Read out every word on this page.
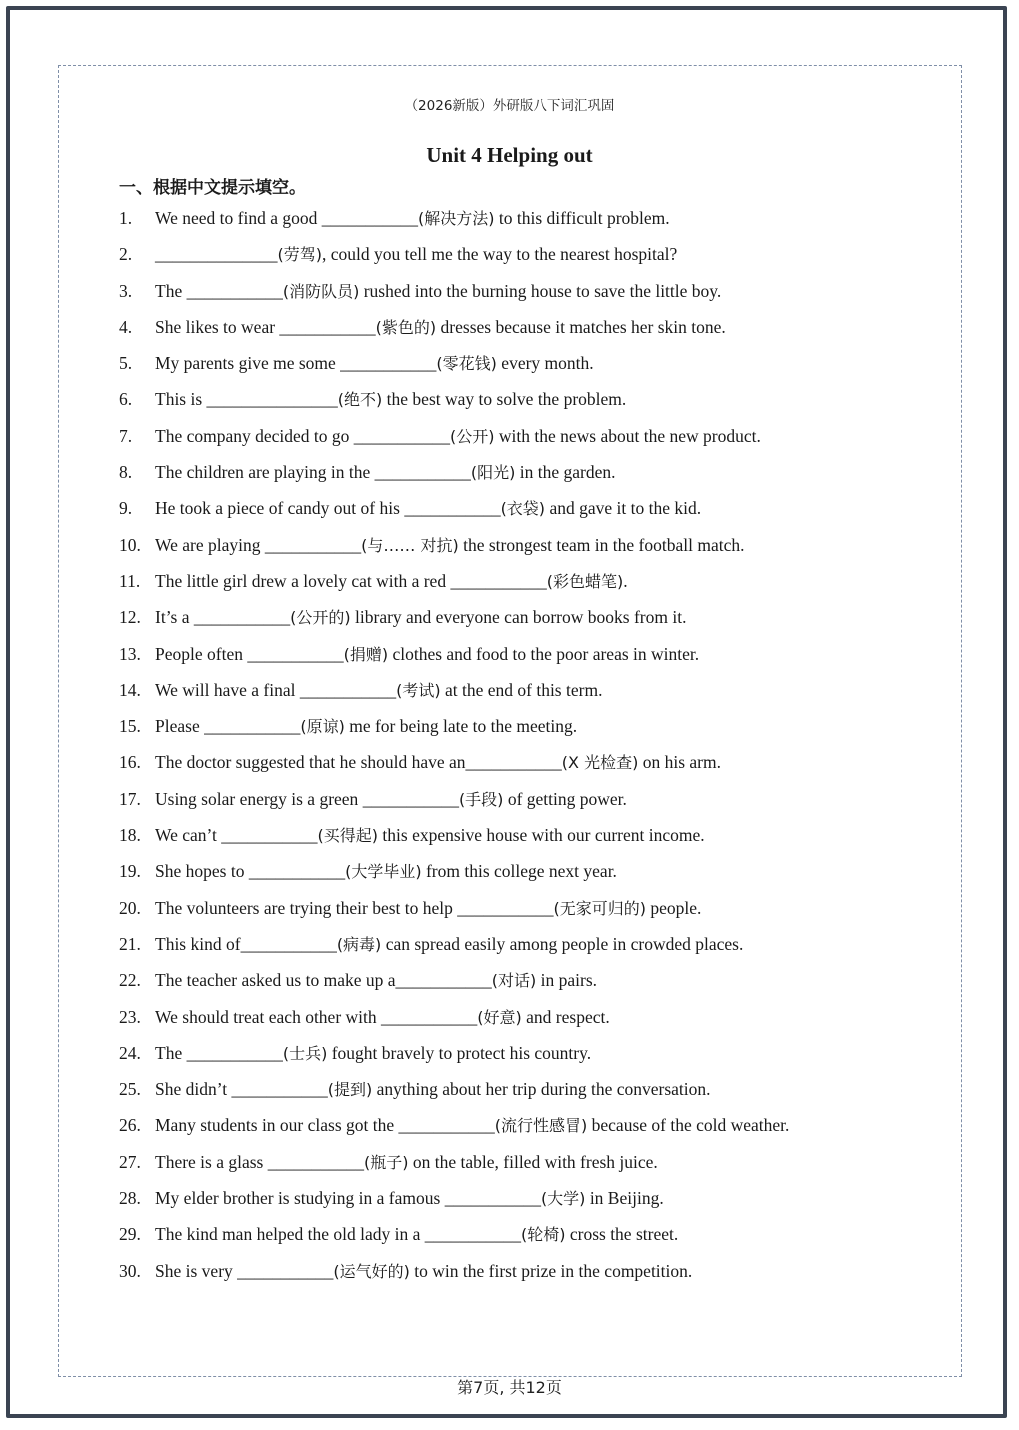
（2026新版）外研版八下词汇巩固
Unit 4 Helping out
一、根据中文提示填空。
1. We need to find a good ___________(解决方法) to this difficult problem.
2. ______________(劳驾), could you tell me the way to the nearest hospital?
3. The ___________(消防队员) rushed into the burning house to save the little boy.
4. She likes to wear ___________(紫色的) dresses because it matches her skin tone.
5. My parents give me some ___________(零花钱) every month.
6. This is _______________(绝不) the best way to solve the problem.
7. The company decided to go ___________(公开) with the news about the new product.
8. The children are playing in the ___________(阳光) in the garden.
9. He took a piece of candy out of his ___________(衣袋) and gave it to the kid.
10. We are playing ___________(与…… 对抗) the strongest team in the football match.
11. The little girl drew a lovely cat with a red ___________(彩色蜡笔).
12. It’s a ___________(公开的) library and everyone can borrow books from it.
13. People often ___________(捐赠) clothes and food to the poor areas in winter.
14. We will have a final ___________(考试) at the end of this term.
15. Please ___________(原谅) me for being late to the meeting.
16. The doctor suggested that he should have an___________(X 光检查) on his arm.
17. Using solar energy is a green ___________(手段) of getting power.
18. We can’t ___________(买得起) this expensive house with our current income.
19. She hopes to ___________(大学毕业) from this college next year.
20. The volunteers are trying their best to help ___________(无家可归的) people.
21. This kind of___________(病毒) can spread easily among people in crowded places.
22. The teacher asked us to make up a___________(对话) in pairs.
23. We should treat each other with ___________(好意) and respect.
24. The ___________(士兵) fought bravely to protect his country.
25. She didn’t ___________(提到) anything about her trip during the conversation.
26. Many students in our class got the ___________(流行性感冒) because of the cold weather.
27. There is a glass ___________(瓶子) on the table, filled with fresh juice.
28. My elder brother is studying in a famous ___________(大学) in Beijing.
29. The kind man helped the old lady in a ___________(轮椅) cross the street.
30. She is very ___________(运气好的) to win the first prize in the competition.
第7页, 共12页
